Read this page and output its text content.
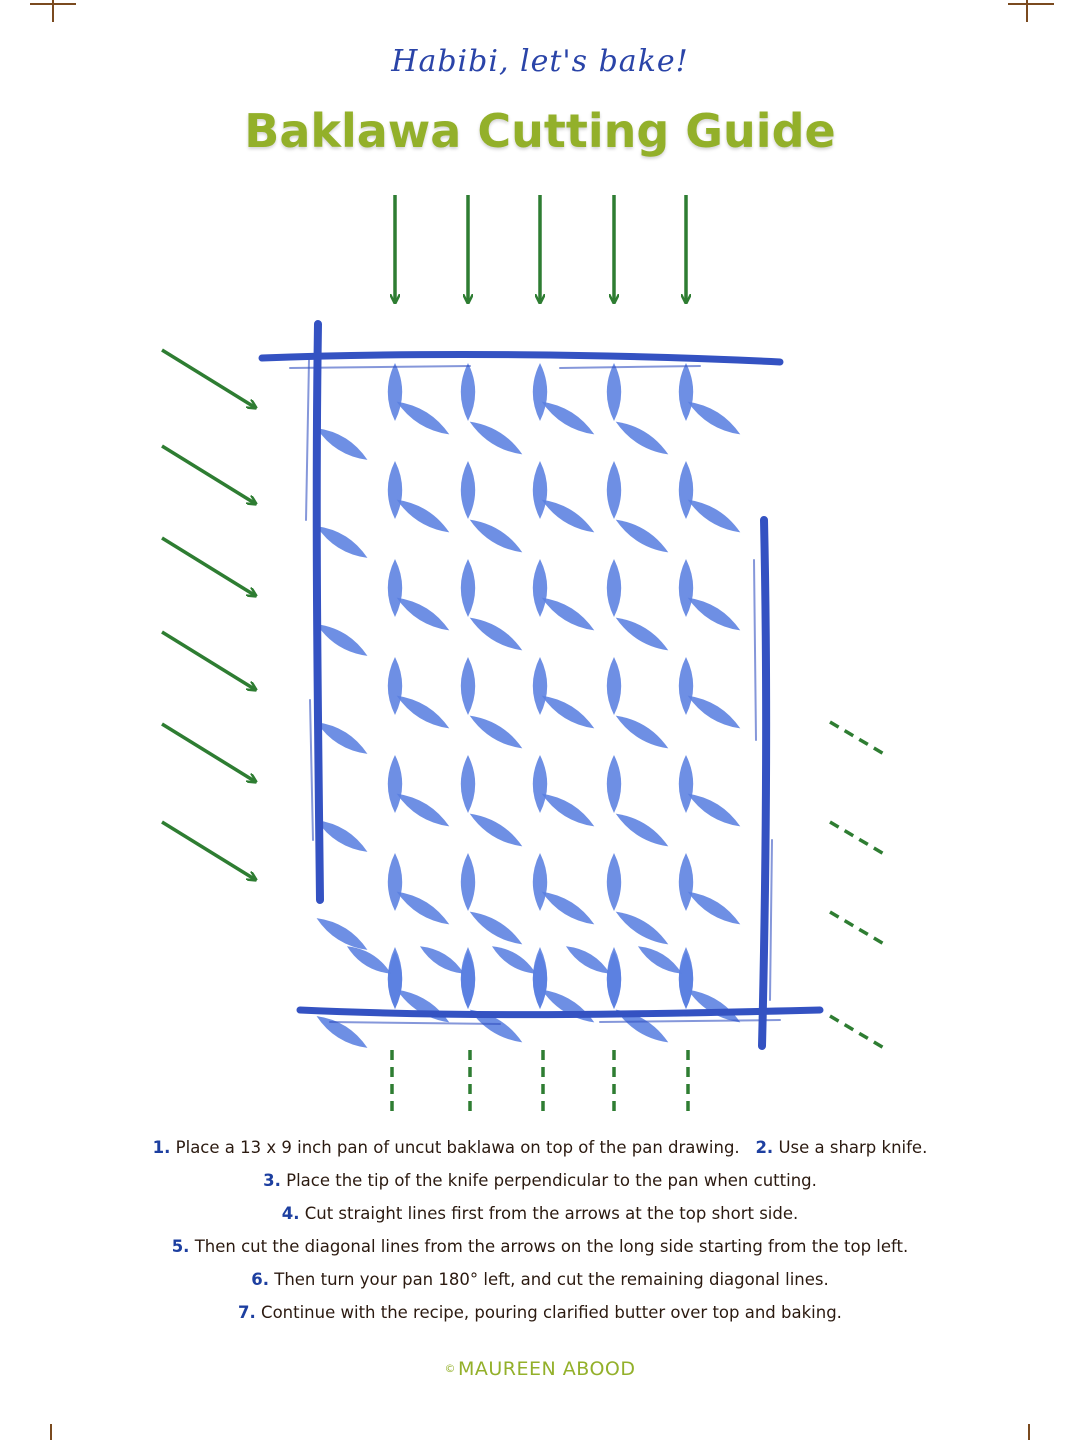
Habibi, let's bake!
Baklawa Cutting Guide
1. Place a 13 x 9 inch pan of uncut baklawa on top of the pan drawing. 2. Use a sharp knife.
3. Place the tip of the knife perpendicular to the pan when cutting.
4. Cut straight lines first from the arrows at the top short side.
5. Then cut the diagonal lines from the arrows on the long side starting from the top left.
6. Then turn your pan 180° left, and cut the remaining diagonal lines.
7. Continue with the recipe, pouring clarified butter over top and baking.
© MAUREEN ABOOD
